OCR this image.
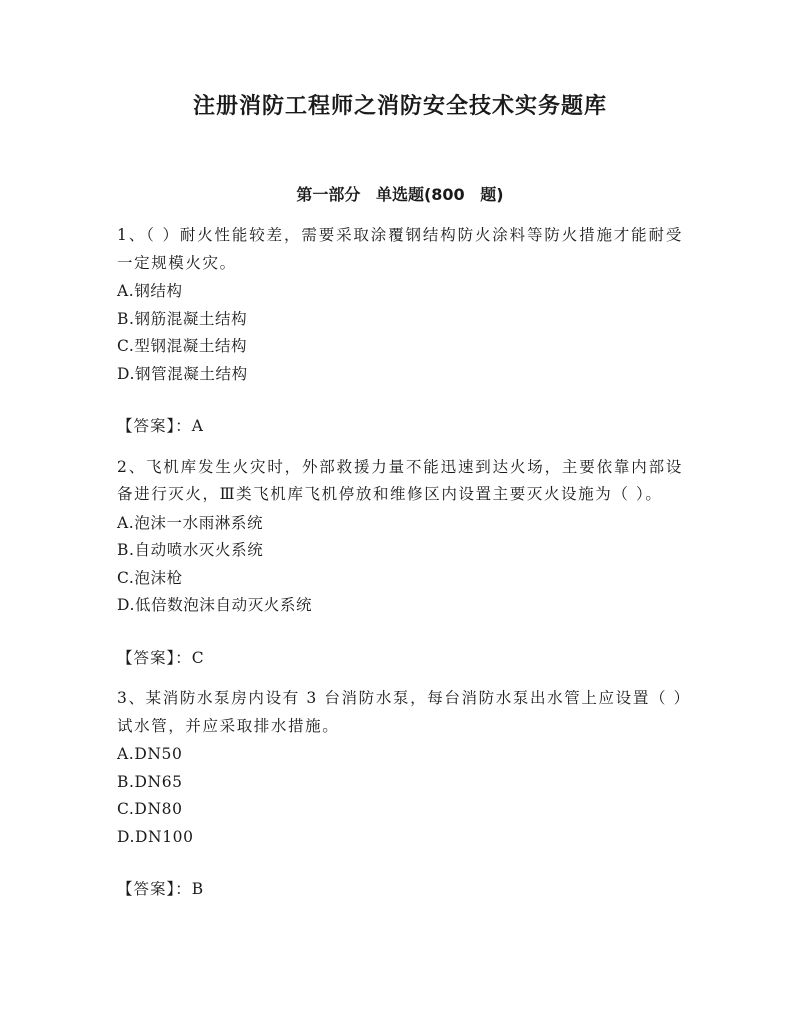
注册消防工程师之消防安全技术实务题库
第一部分 单选题(800 题)

1、（ ）耐火性能较差，需要采取涂覆钢结构防火涂料等防火措施才能耐受一定规模火灾。

A.钢结构
B.钢筋混凝土结构
C.型钢混凝土结构
D.钢管混凝土结构
【答案】：A

2、飞机库发生火灾时，外部救援力量不能迅速到达火场，主要依靠内部设备进行灭火，Ⅲ类飞机库飞机停放和维修区内设置主要灭火设施为（ ）。

A.泡沫一水雨淋系统
B.自动喷水灭火系统
C.泡沫枪
D.低倍数泡沫自动灭火系统
【答案】：C

3、某消防水泵房内设有 3 台消防水泵，每台消防水泵出水管上应设置（ ）试水管，并应采取排水措施。

A.DN50
B.DN65
C.DN80
D.DN100
【答案】：B
